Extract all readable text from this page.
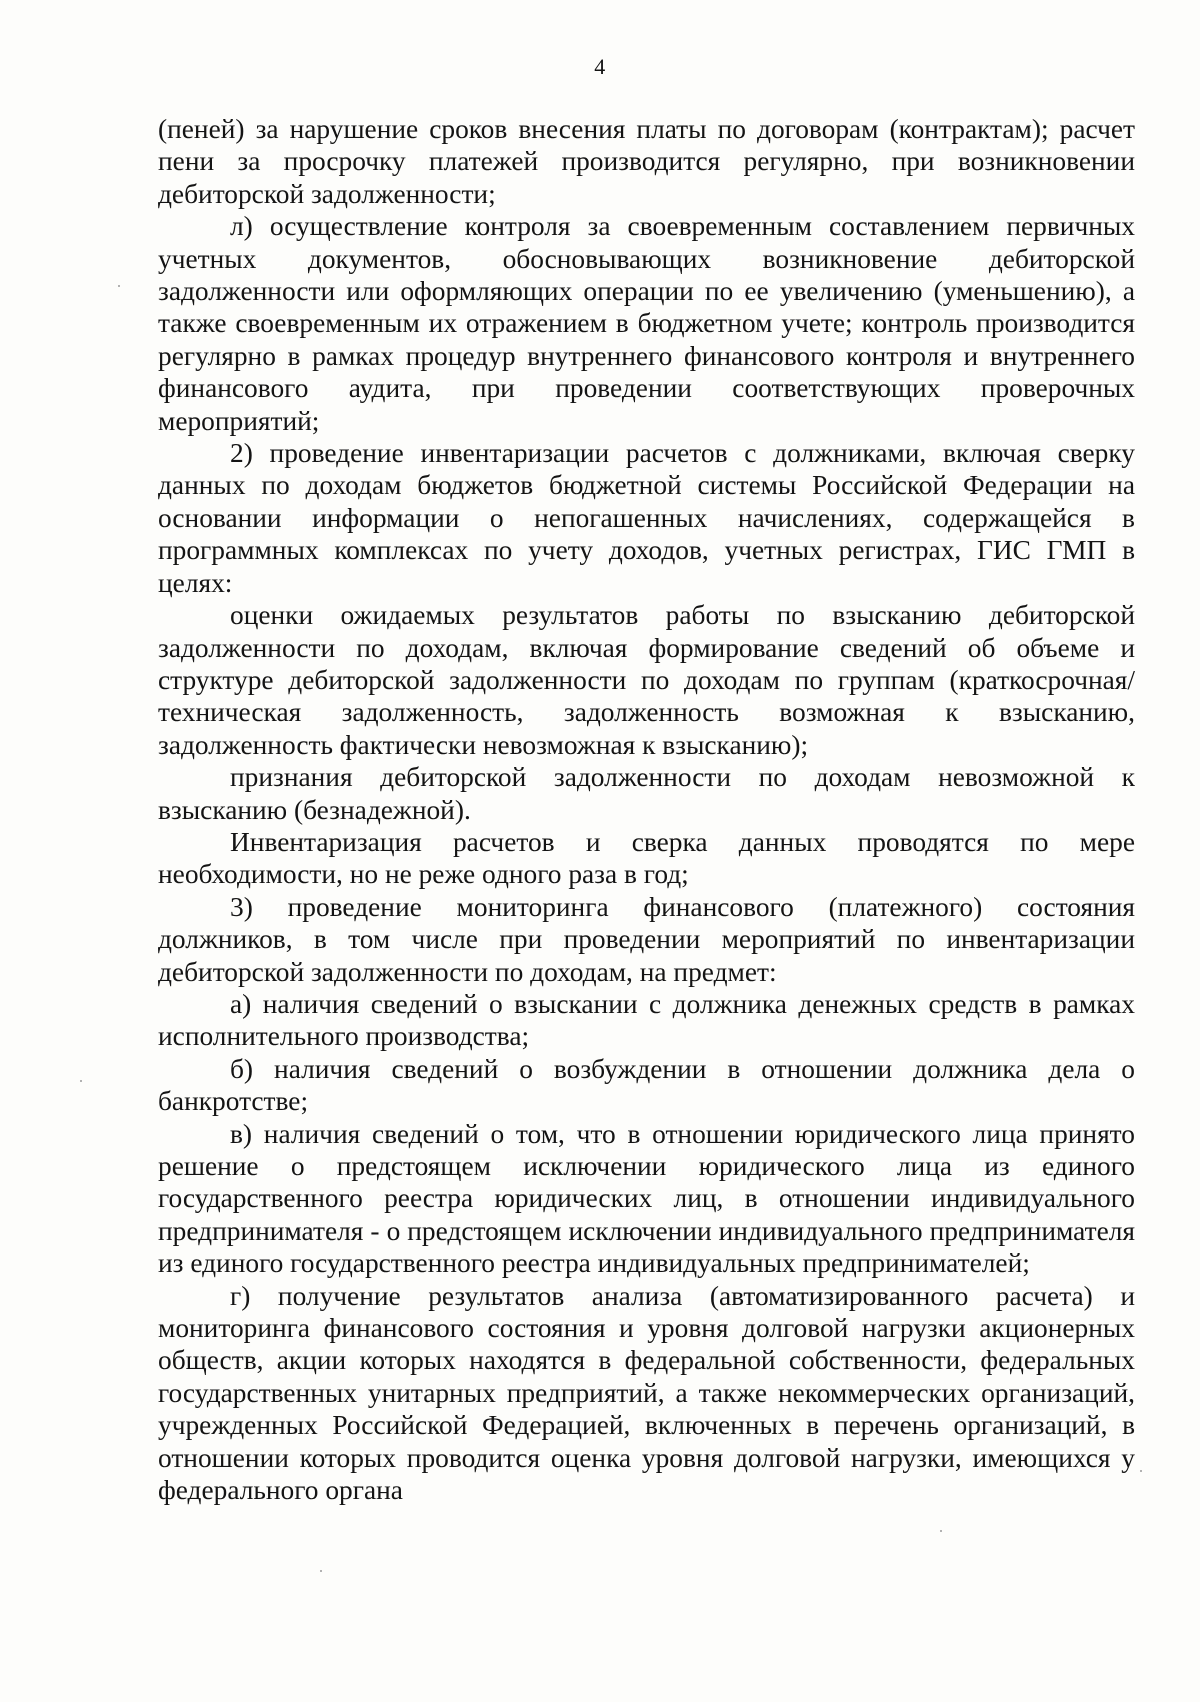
4

(пеней) за нарушение сроков внесения платы по договорам (контрактам); расчет пени за просрочку платежей производится регулярно, при возникновении дебиторской задолженности;

л) осуществление контроля за своевременным составлением первичных учетных документов, обосновывающих возникновение дебиторской задолженности или оформляющих операции по ее увеличению (уменьшению), а также своевременным их отражением в бюджетном учете; контроль производится регулярно в рамках процедур внутреннего финансового контроля и внутреннего финансового аудита, при проведении соответствующих проверочных мероприятий;

2) проведение инвентаризации расчетов с должниками, включая сверку данных по доходам бюджетов бюджетной системы Российской Федерации на основании информации о непогашенных начислениях, содержащейся в программных комплексах по учету доходов, учетных регистрах, ГИС ГМП в целях:

оценки ожидаемых результатов работы по взысканию дебиторской задолженности по доходам, включая формирование сведений об объеме и структуре дебиторской задолженности по доходам по группам (краткосрочная/техническая задолженность, задолженность возможная к взысканию, задолженность фактически невозможная к взысканию);

признания дебиторской задолженности по доходам невозможной к взысканию (безнадежной).

Инвентаризация расчетов и сверка данных проводятся по мере необходимости, но не реже одного раза в год;

3) проведение мониторинга финансового (платежного) состояния должников, в том числе при проведении мероприятий по инвентаризации дебиторской задолженности по доходам, на предмет:

а) наличия сведений о взыскании с должника денежных средств в рамках исполнительного производства;

б) наличия сведений о возбуждении в отношении должника дела о банкротстве;

в) наличия сведений о том, что в отношении юридического лица принято решение о предстоящем исключении юридического лица из единого государственного реестра юридических лиц, в отношении индивидуального предпринимателя - о предстоящем исключении индивидуального предпринимателя из единого государственного реестра индивидуальных предпринимателей;

г) получение результатов анализа (автоматизированного расчета) и мониторинга финансового состояния и уровня долговой нагрузки акционерных обществ, акции которых находятся в федеральной собственности, федеральных государственных унитарных предприятий, а также некоммерческих организаций, учрежденных Российской Федерацией, включенных в перечень организаций, в отношении которых проводится оценка уровня долговой нагрузки, имеющихся у федерального органа
